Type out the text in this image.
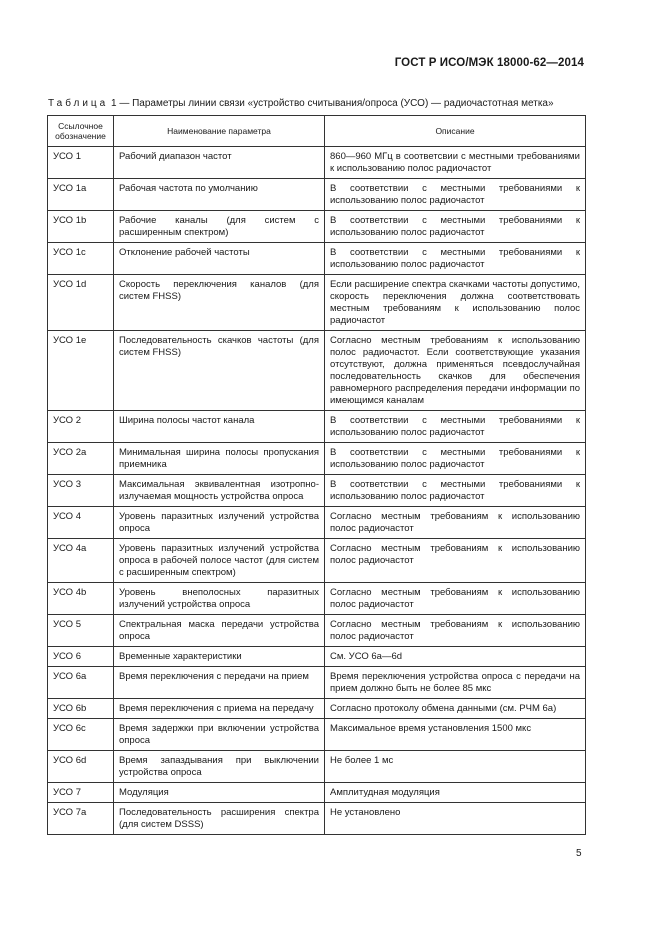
ГОСТ Р ИСО/МЭК 18000-62—2014
Таблица 1 — Параметры линии связи «устройство считывания/опроса (УСО) — радиочастотная метка»
Ссылочное обозначение	Наименование параметра	Описание
УСО 1	Рабочий диапазон частот	860—960 МГц в соответсвии с местными требованиями к использованию полос радиочастот
УСО 1а	Рабочая частота по умолчанию	В соответствии с местными требованиями к использованию полос радиочастот
УСО 1b	Рабочие каналы (для систем с расширенным спектром)	В соответствии с местными требованиями к использованию полос радиочастот
УСО 1с	Отклонение рабочей частоты	В соответствии с местными требованиями к использованию полос радиочастот
УСО 1d	Скорость переключения каналов (для систем FHSS)	Если расширение спектра скачками частоты допустимо, скорость переключения должна соответствовать местным требованиям к использованию полос радиочастот
УСО 1е	Последовательность скачков частоты (для систем FHSS)	Согласно местным требованиям к использованию полос радиочастот. Если соответствующие указания отсутствуют, должна применяться псевдослучайная последовательность скачков для обеспечения равномерного распределения передачи информации по имеющимся каналам
УСО 2	Ширина полосы частот канала	В соответствии с местными требованиями к использованию полос радиочастот
УСО 2а	Минимальная ширина полосы пропускания приемника	В соответствии с местными требованиями к использованию полос радиочастот
УСО 3	Максимальная эквивалентная изотропно-излучаемая мощность устройства опроса	В соответствии с местными требованиями к использованию полос радиочастот
УСО 4	Уровень паразитных излучений устройства опроса	Согласно местным требованиям к использованию полос радиочастот
УСО 4а	Уровень паразитных излучений устройства опроса в рабочей полосе частот (для систем с расширенным спектром)	Согласно местным требованиям к использованию полос радиочастот
УСО 4b	Уровень внеполосных паразитных излучений устройства опроса	Согласно местным требованиям к использованию полос радиочастот
УСО 5	Спектральная маска передачи устройства опроса	Согласно местным требованиям к использованию полос радиочастот
УСО 6	Временные характеристики	См. УСО 6а—6d
УСО 6а	Время переключения с передачи на прием	Время переключения устройства опроса с передачи на прием должно быть не более 85 мкс
УСО 6b	Время переключения с приема на передачу	Согласно протоколу обмена данными (см. РЧМ 6а)
УСО 6с	Время задержки при включении устройства опроса	Максимальное время установления 1500 мкс
УСО 6d	Время запаздывания при выключении устройства опроса	Не более 1 мс
УСО 7	Модуляция	Амплитудная модуляция
УСО 7а	Последовательность расширения спектра (для систем DSSS)	Не установлено
5
